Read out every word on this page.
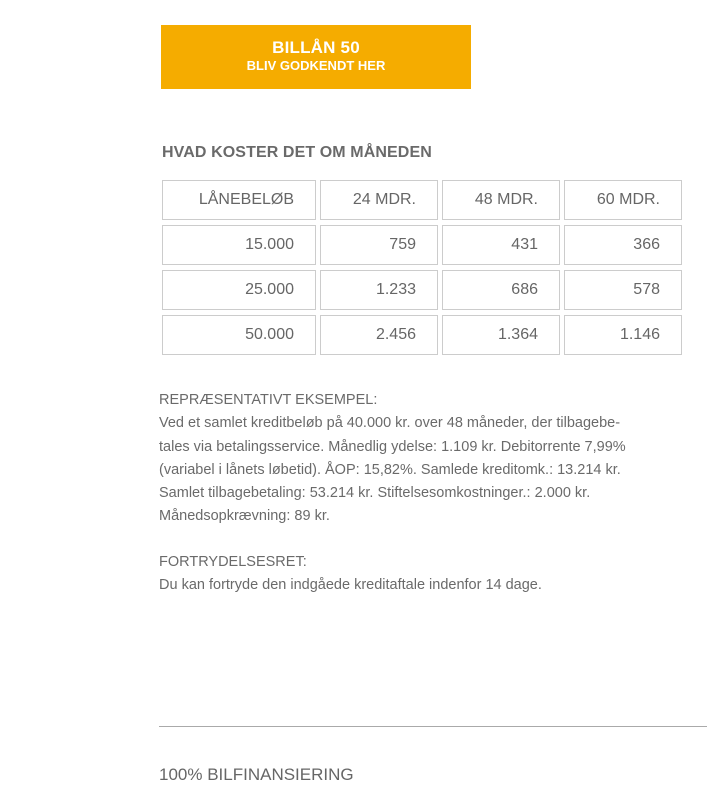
BILLÅN 50
BLIV GODKENDT HER
HVAD KOSTER DET OM MÅNEDEN
LÅNEBELØB	24 MDR.	48 MDR.	60 MDR.
15.000	759	431	366
25.000	1.233	686	578
50.000	2.456	1.364	1.146

REPRÆSENTATIVT EKSEMPEL:

Ved et samlet kreditbeløb på 40.000 kr. over 48 måneder, der tilbagebe-

tales via betalingsservice. Månedlig ydelse: 1.109 kr. Debitorrente 7,99%

(variabel i lånets løbetid). ÅOP: 15,82%. Samlede kreditomk.: 13.214 kr.

Samlet tilbagebetaling: 53.214 kr. Stiftelsesomkostninger.: 2.000 kr.

Månedsopkrævning: 89 kr.

FORTRYDELSESRET:

Du kan fortryde den indgåede kreditaftale indenfor 14 dage.

100% BILFINANSIERING
